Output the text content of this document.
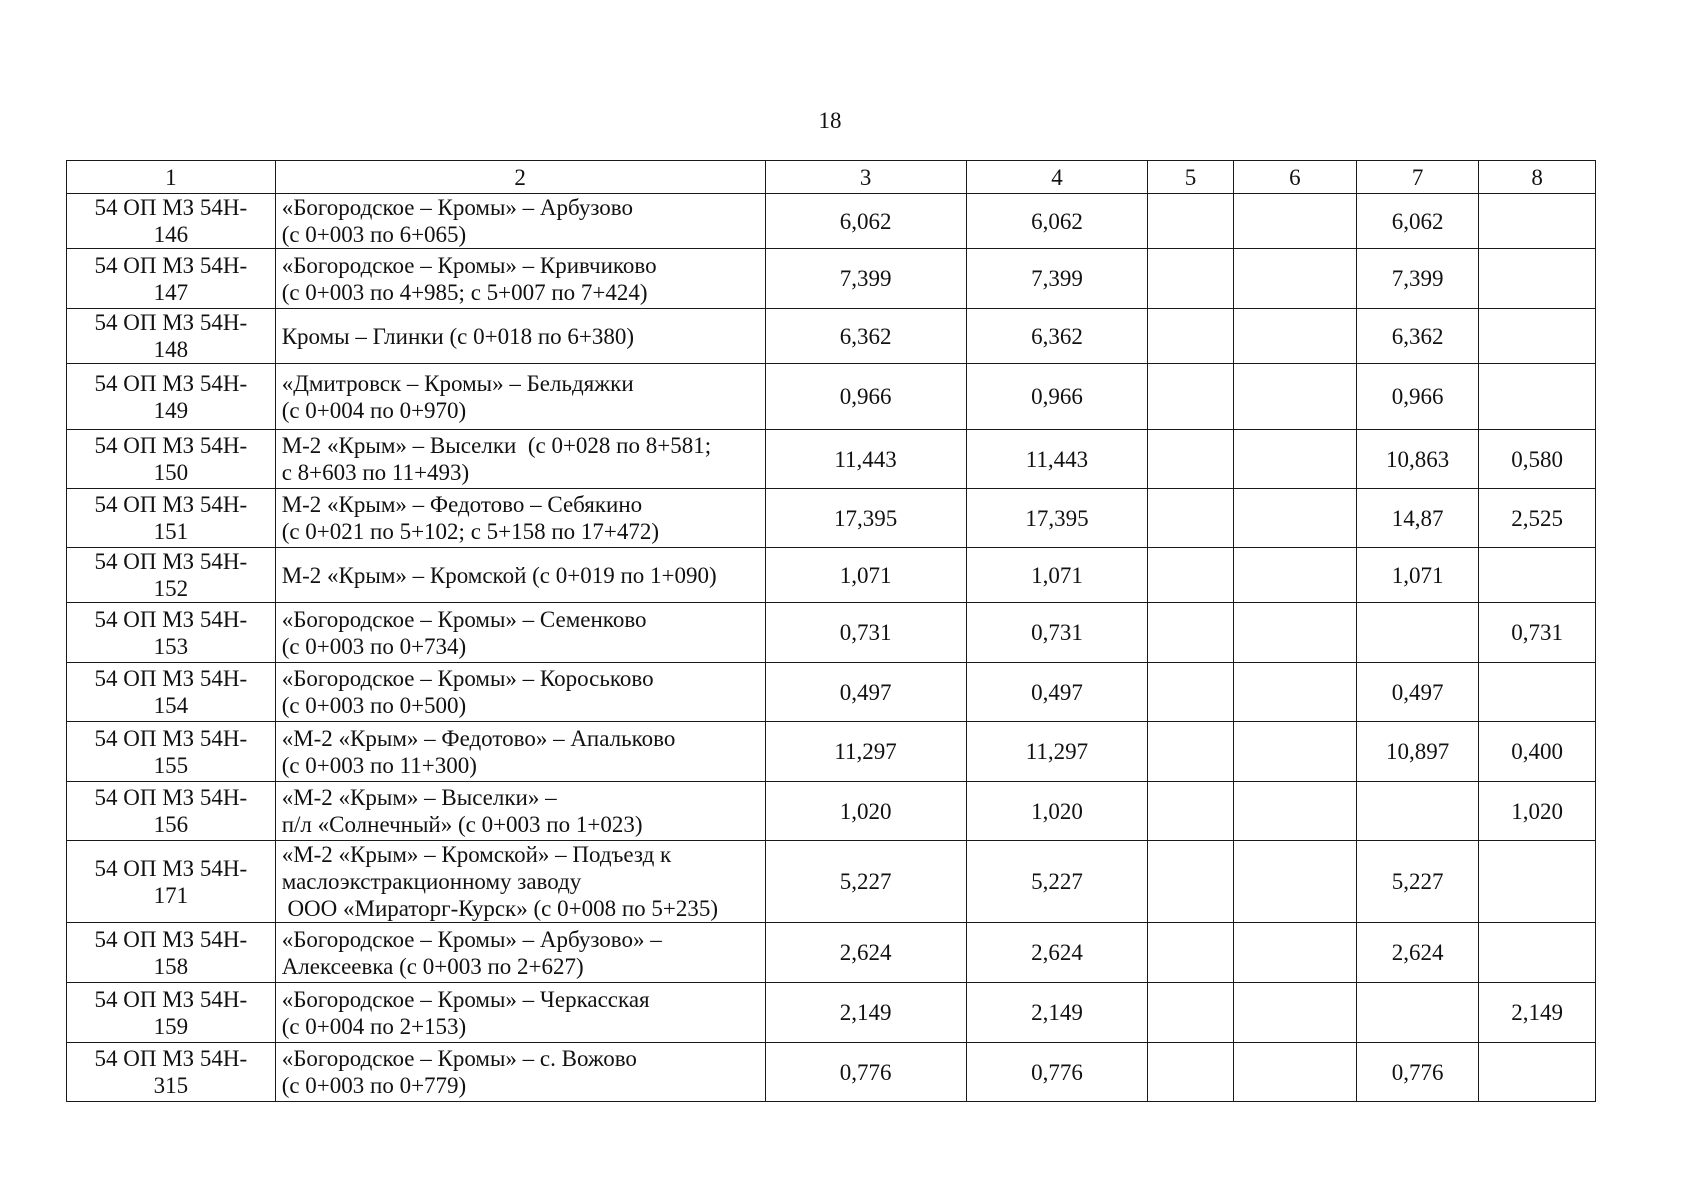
18
1	2	3	4	5	6	7	8

54 ОП МЗ 54Н-
146	«Богородское – Кромы» – Арбузово
(с 0+003 по 6+065)	6,062	6,062			6,062	

54 ОП МЗ 54Н-
147	«Богородское – Кромы» – Кривчиково
(с 0+003 по 4+985; с 5+007 по 7+424)	7,399	7,399			7,399	

54 ОП МЗ 54Н-
148	Кромы – Глинки (с 0+018 по 6+380)	6,362	6,362			6,362	

54 ОП МЗ 54Н-
149	«Дмитровск – Кромы» – Бельдяжки
(с 0+004 по 0+970)	0,966	0,966			0,966	

54 ОП МЗ 54Н-
150	М-2 «Крым» – Выселки  (с 0+028 по 8+581;
с 8+603 по 11+493)	11,443	11,443			10,863	0,580

54 ОП МЗ 54Н-
151	М-2 «Крым» – Федотово – Себякино
(с 0+021 по 5+102; с 5+158 по 17+472)	17,395	17,395			14,87	2,525

54 ОП МЗ 54Н-
152	М-2 «Крым» – Кромской (с 0+019 по 1+090)	1,071	1,071			1,071	

54 ОП МЗ 54Н-
153	«Богородское – Кромы» – Семенково
(с 0+003 по 0+734)	0,731	0,731				0,731

54 ОП МЗ 54Н-
154	«Богородское – Кромы» – Короськово
(с 0+003 по 0+500)	0,497	0,497			0,497	

54 ОП МЗ 54Н-
155	«М-2 «Крым» – Федотово» – Апальково
(с 0+003 по 11+300)	11,297	11,297			10,897	0,400

54 ОП МЗ 54Н-
156	«М-2 «Крым» – Выселки» –
п/л «Солнечный» (с 0+003 по 1+023)	1,020	1,020				1,020

54 ОП МЗ 54Н-
171	«М-2 «Крым» – Кромской» – Подъезд к
маслоэкстракционному заводу
ООО «Мираторг-Курск» (с 0+008 по 5+235)	5,227	5,227			5,227	

54 ОП МЗ 54Н-
158	«Богородское – Кромы» – Арбузово» –
Алексеевка (с 0+003 по 2+627)	2,624	2,624			2,624	

54 ОП МЗ 54Н-
159	«Богородское – Кромы» – Черкасская
(с 0+004 по 2+153)	2,149	2,149				2,149

54 ОП МЗ 54Н-
315	«Богородское – Кромы» – с. Вожово
(с 0+003 по 0+779)	0,776	0,776			0,776	
